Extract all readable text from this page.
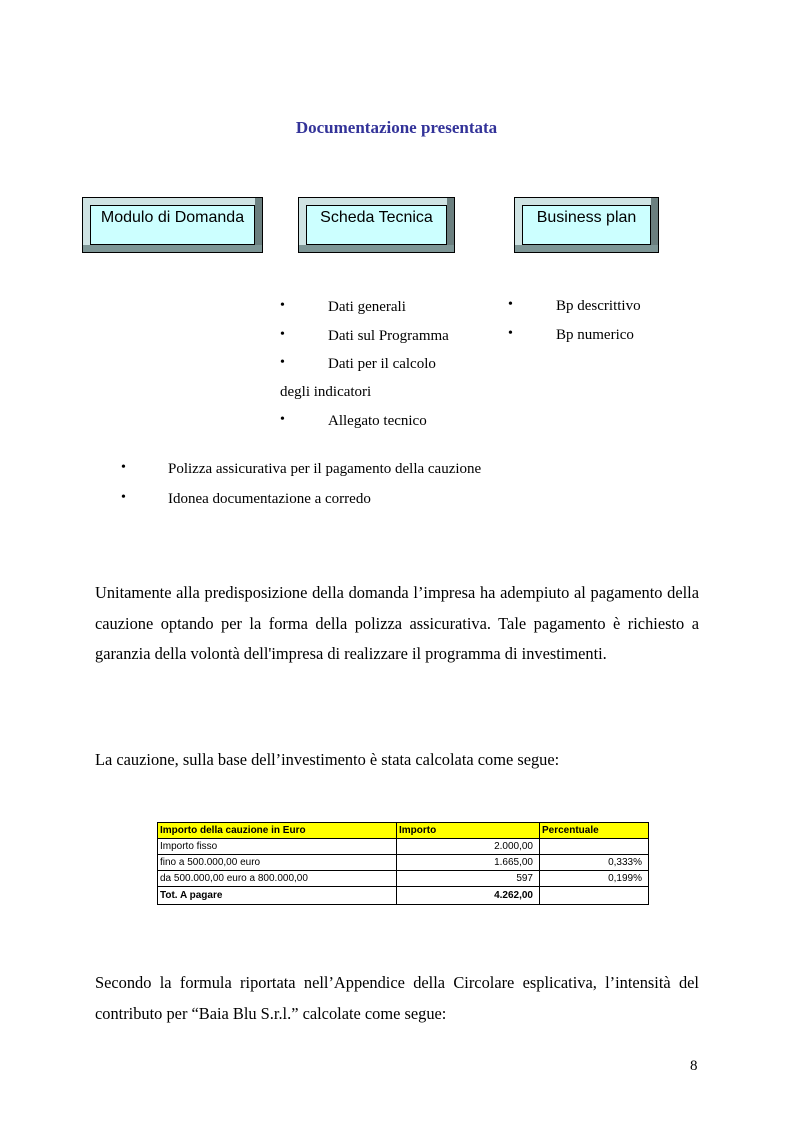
Documentazione presentata
Modulo di Domanda	Scheda Tecnica	Business plan
•	Dati generali
•	Dati sul Programma
•	Dati per il calcolo
degli indicatori
•	Allegato tecnico
•	Bp descrittivo
•	Bp numerico
•	Polizza assicurativa per il pagamento della cauzione
•	Idonea documentazione a corredo
Unitamente alla predisposizione della domanda l’impresa ha adempiuto al pagamento della cauzione optando per la forma della polizza assicurativa. Tale pagamento è richiesto a garanzia della volontà dell'impresa di realizzare il programma di investimenti.
La cauzione, sulla base dell’investimento è stata calcolata come segue:
Importo della cauzione in Euro	Importo	Percentuale
Importo fisso	2.000,00	
fino a 500.000,00 euro	1.665,00	0,333%
da 500.000,00 euro a 800.000,00	597	0,199%
Tot. A pagare	4.262,00	
Secondo la formula riportata nell’Appendice della Circolare esplicativa, l’intensità del contributo per “Baia Blu S.r.l.” calcolate come segue:
8
